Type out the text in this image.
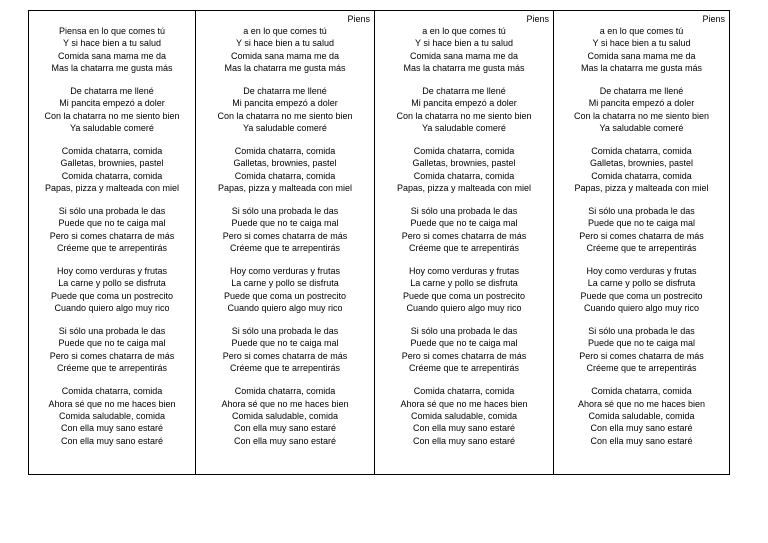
Piensa en lo que comes tú
Y si hace bien a tu salud
Comida sana mama me da
Mas la chatarra me gusta más
De chatarra me llené
Mi pancita empezó a doler
Con la chatarra no me siento bien
Ya saludable comeré
Comida chatarra, comida
Galletas, brownies, pastel
Comida chatarra, comida
Papas, pizza y malteada con miel
Si sólo una probada le das
Puede que no te caiga mal
Pero si comes chatarra de más
Créeme que te arrepentirás
Hoy como verduras y frutas
La carne y pollo se disfruta
Puede que coma un postrecito
Cuando quiero algo muy rico
Si sólo una probada le das
Puede que no te caiga mal
Pero si comes chatarra de más
Créeme que te arrepentirás
Comida chatarra, comida
Ahora sé que no me haces bien
Comida saludable, comida
Con ella muy sano estaré
Con ella muy sano estaré
Piens
a en lo que comes tú
Y si hace bien a tu salud
Comida sana mama me da
Mas la chatarra me gusta más
De chatarra me llené
Mi pancita empezó a doler
Con la chatarra no me siento bien
Ya saludable comeré
Comida chatarra, comida
Galletas, brownies, pastel
Comida chatarra, comida
Papas, pizza y malteada con miel
Si sólo una probada le das
Puede que no te caiga mal
Pero si comes chatarra de más
Créeme que te arrepentirás
Hoy como verduras y frutas
La carne y pollo se disfruta
Puede que coma un postrecito
Cuando quiero algo muy rico
Si sólo una probada le das
Puede que no te caiga mal
Pero si comes chatarra de más
Créeme que te arrepentirás
Comida chatarra, comida
Ahora sé que no me haces bien
Comida saludable, comida
Con ella muy sano estaré
Con ella muy sano estaré
Piens
a en lo que comes tú
Y si hace bien a tu salud
Comida sana mama me da
Mas la chatarra me gusta más
De chatarra me llené
Mi pancita empezó a doler
Con la chatarra no me siento bien
Ya saludable comeré
Comida chatarra, comida
Galletas, brownies, pastel
Comida chatarra, comida
Papas, pizza y malteada con miel
Si sólo una probada le das
Puede que no te caiga mal
Pero si comes chatarra de más
Créeme que te arrepentirás
Hoy como verduras y frutas
La carne y pollo se disfruta
Puede que coma un postrecito
Cuando quiero algo muy rico
Si sólo una probada le das
Puede que no te caiga mal
Pero si comes chatarra de más
Créeme que te arrepentirás
Comida chatarra, comida
Ahora sé que no me haces bien
Comida saludable, comida
Con ella muy sano estaré
Con ella muy sano estaré
Piens
a en lo que comes tú
Y si hace bien a tu salud
Comida sana mama me da
Mas la chatarra me gusta más
De chatarra me llené
Mi pancita empezó a doler
Con la chatarra no me siento bien
Ya saludable comeré
Comida chatarra, comida
Galletas, brownies, pastel
Comida chatarra, comida
Papas, pizza y malteada con miel
Si sólo una probada le das
Puede que no te caiga mal
Pero si comes chatarra de más
Créeme que te arrepentirás
Hoy como verduras y frutas
La carne y pollo se disfruta
Puede que coma un postrecito
Cuando quiero algo muy rico
Si sólo una probada le das
Puede que no te caiga mal
Pero si comes chatarra de más
Créeme que te arrepentirás
Comida chatarra, comida
Ahora sé que no me haces bien
Comida saludable, comida
Con ella muy sano estaré
Con ella muy sano estaré
